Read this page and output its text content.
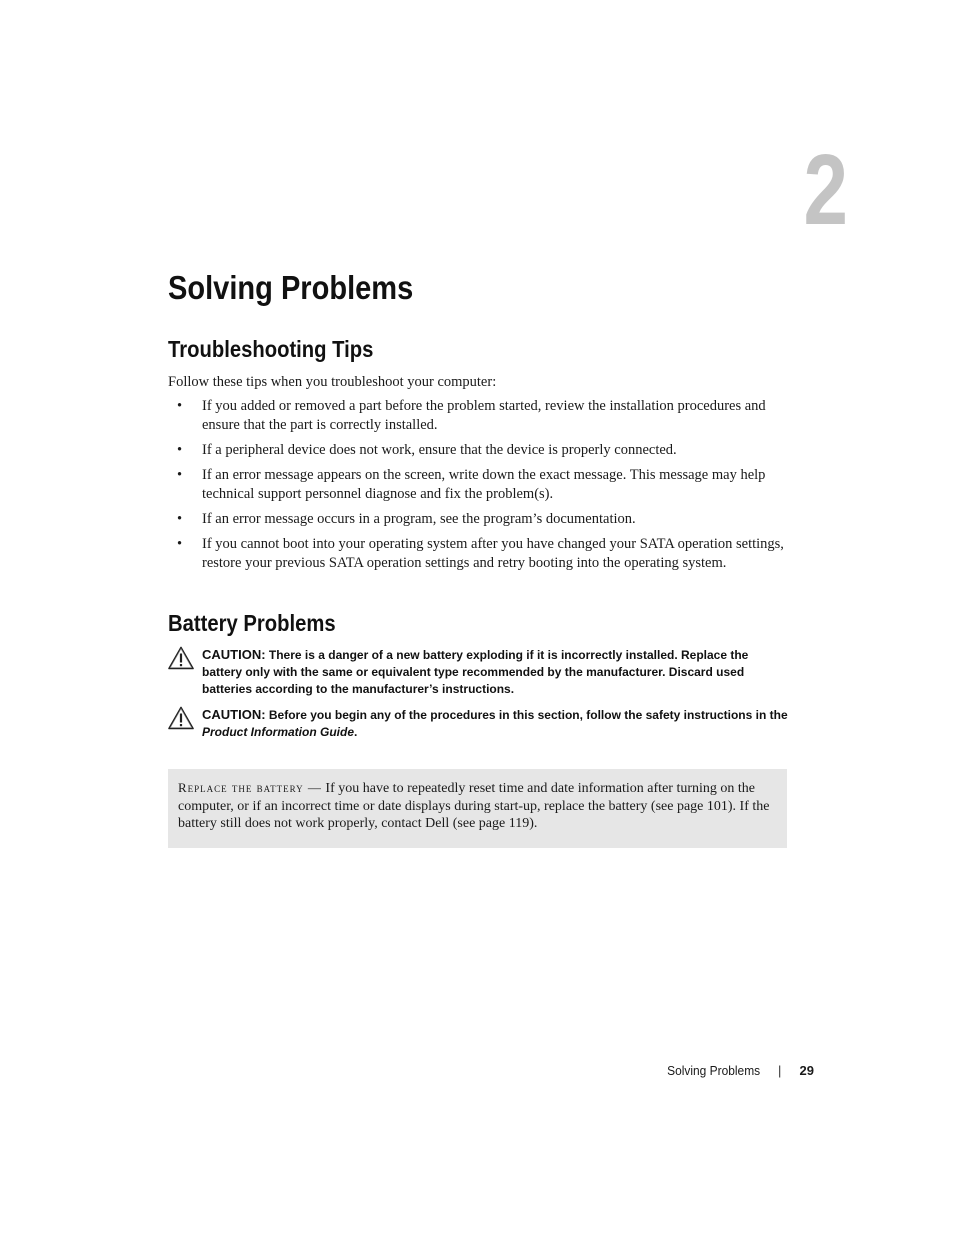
2
Solving Problems
Troubleshooting Tips

Follow these tips when you troubleshoot your computer:

• If you added or removed a part before the problem started, review the installation procedures and ensure that the part is correctly installed.
• If a peripheral device does not work, ensure that the device is properly connected.
• If an error message appears on the screen, write down the exact message. This message may help technical support personnel diagnose and fix the problem(s).
• If an error message occurs in a program, see the program’s documentation.
• If you cannot boot into your operating system after you have changed your SATA operation settings, restore your previous SATA operation settings and retry booting into the operating system.
Battery Problems
CAUTION: There is a danger of a new battery exploding if it is incorrectly installed. Replace the battery only with the same or equivalent type recommended by the manufacturer. Discard used batteries according to the manufacturer’s instructions.
CAUTION: Before you begin any of the procedures in this section, follow the safety instructions in the Product Information Guide.
Replace the battery — If you have to repeatedly reset time and date information after turning on the computer, or if an incorrect time or date displays during start-up, replace the battery (see page 101). If the battery still does not work properly, contact Dell (see page 119).
Solving Problems | 29
